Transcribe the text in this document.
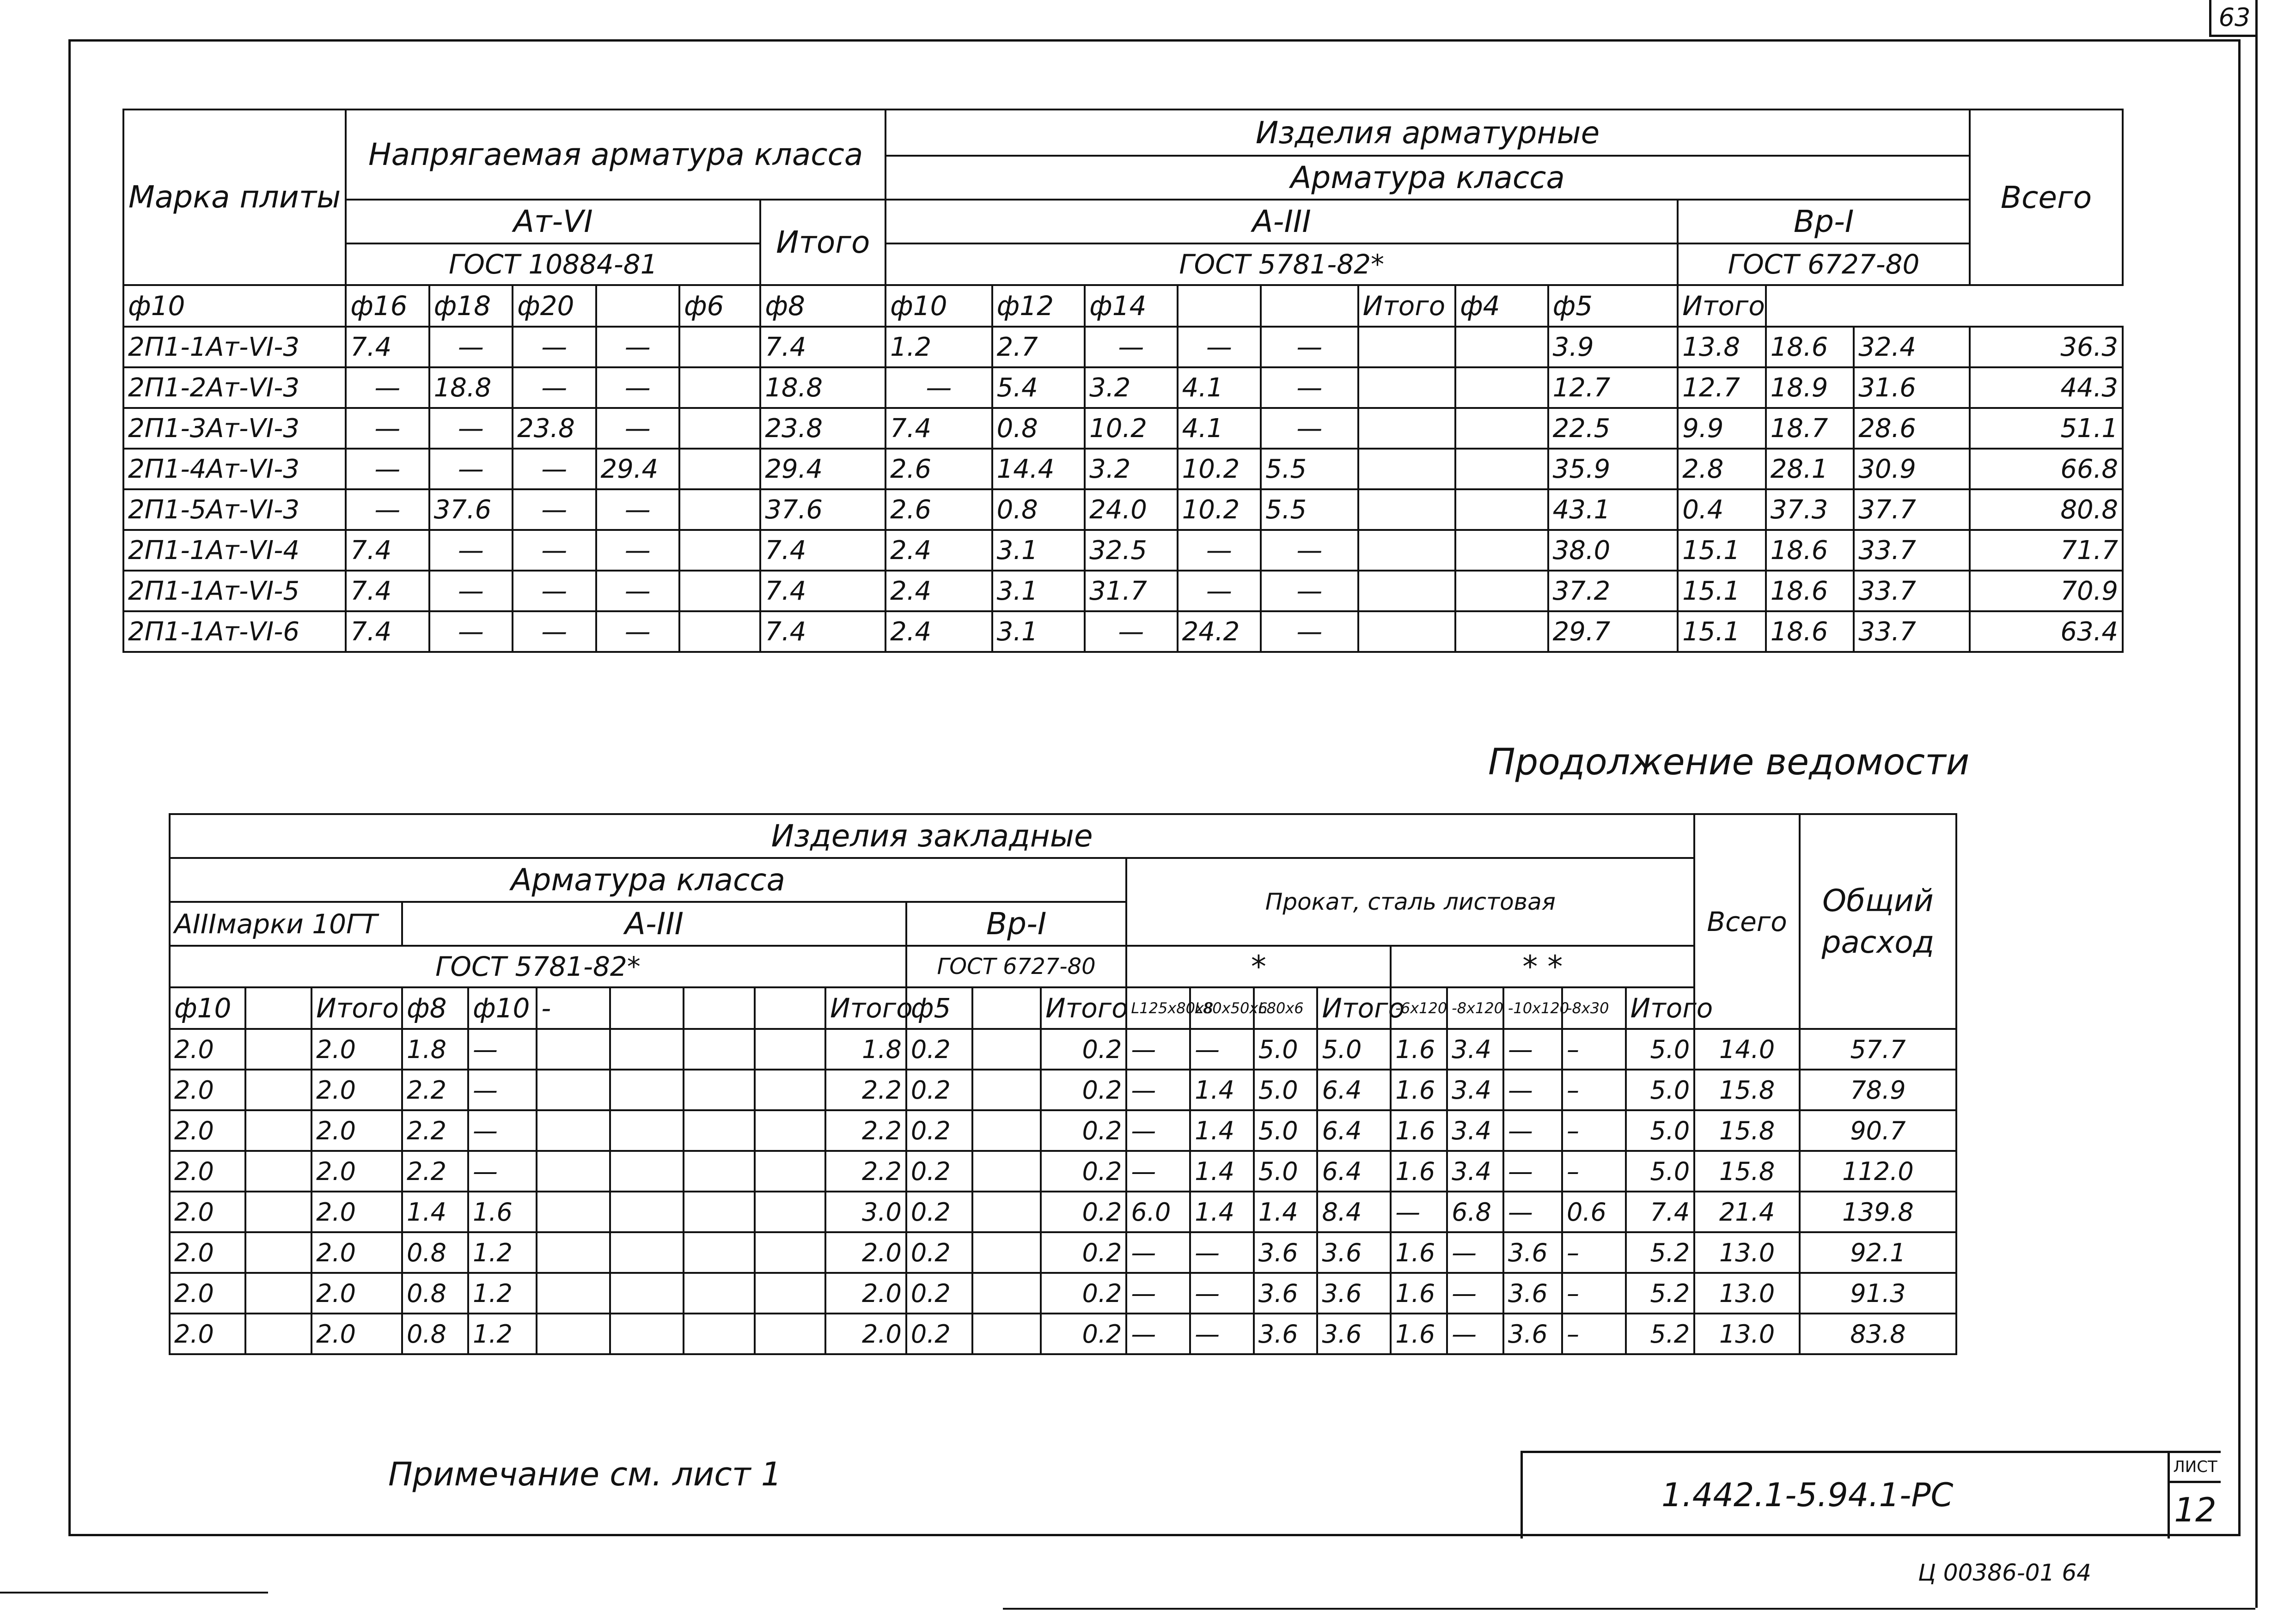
63
Марка плиты	Напрягаемая арматура класса						Изделия арматурные											Всего
							Арматура класса											
	Ат-VI					Итого	А-III								Вр-I			
	ГОСТ 10884-81						ГОСТ 5781-82*								ГОСТ 6727-80			
ф10	ф16	ф18	ф20		ф6	ф8	ф10	ф12	ф14			Итого	ф4	ф5	Итого			
2П1-1Ат-VI-3	7.4	—	—	—		7.4	1.2	2.7	—	—	—			3.9	13.8	18.6	32.4	36.3
2П1-2Ат-VI-3	—	18.8	—	—		18.8	—	5.4	3.2	4.1	—			12.7	12.7	18.9	31.6	44.3
2П1-3Ат-VI-3	—	—	23.8	—		23.8	7.4	0.8	10.2	4.1	—			22.5	9.9	18.7	28.6	51.1
2П1-4Ат-VI-3	—	—	—	29.4		29.4	2.6	14.4	3.2	10.2	5.5			35.9	2.8	28.1	30.9	66.8
2П1-5Ат-VI-3	—	37.6	—	—		37.6	2.6	0.8	24.0	10.2	5.5			43.1	0.4	37.3	37.7	80.8
2П1-1Ат-VI-4	7.4	—	—	—		7.4	2.4	3.1	32.5	—	—			38.0	15.1	18.6	33.7	71.7
2П1-1Ат-VI-5	7.4	—	—	—		7.4	2.4	3.1	31.7	—	—			37.2	15.1	18.6	33.7	70.9
2П1-1Ат-VI-6	7.4	—	—	—		7.4	2.4	3.1	—	24.2	—			29.7	15.1	18.6	33.7	63.4
Продолжение ведомости
Изделия закладные																						Всего	Общий расход
Арматура класса													Прокат, сталь листовая										
АIIIмарки 10ГТ			А-III							Вр-I													
ГОСТ 5781-82*										ГОСТ 6727-80			*				* *						
ф10		Итого	ф8	ф10	-				Итого	ф5		Итого	L125x80x8	L80x50x6	L80x6	Итого	-6x120	-8x120	-10x120	-8x30	Итого		
2.0		2.0	1.8	—					1.8	0.2		0.2	—	—	5.0	5.0	1.6	3.4	—	–	5.0	14.0	57.7
2.0		2.0	2.2	—					2.2	0.2		0.2	—	1.4	5.0	6.4	1.6	3.4	—	–	5.0	15.8	78.9
2.0		2.0	2.2	—					2.2	0.2		0.2	—	1.4	5.0	6.4	1.6	3.4	—	–	5.0	15.8	90.7
2.0		2.0	2.2	—					2.2	0.2		0.2	—	1.4	5.0	6.4	1.6	3.4	—	–	5.0	15.8	112.0
2.0		2.0	1.4	1.6					3.0	0.2		0.2	6.0	1.4	1.4	8.4	—	6.8	—	0.6	7.4	21.4	139.8
2.0		2.0	0.8	1.2					2.0	0.2		0.2	—	—	3.6	3.6	1.6	—	3.6	–	5.2	13.0	92.1
2.0		2.0	0.8	1.2					2.0	0.2		0.2	—	—	3.6	3.6	1.6	—	3.6	–	5.2	13.0	91.3
2.0		2.0	0.8	1.2					2.0	0.2		0.2	—	—	3.6	3.6	1.6	—	3.6	–	5.2	13.0	83.8
Примечание см. лист 1
1.442.1-5.94.1-РС
ЛИСТ
12
Ц 00386-01 64
